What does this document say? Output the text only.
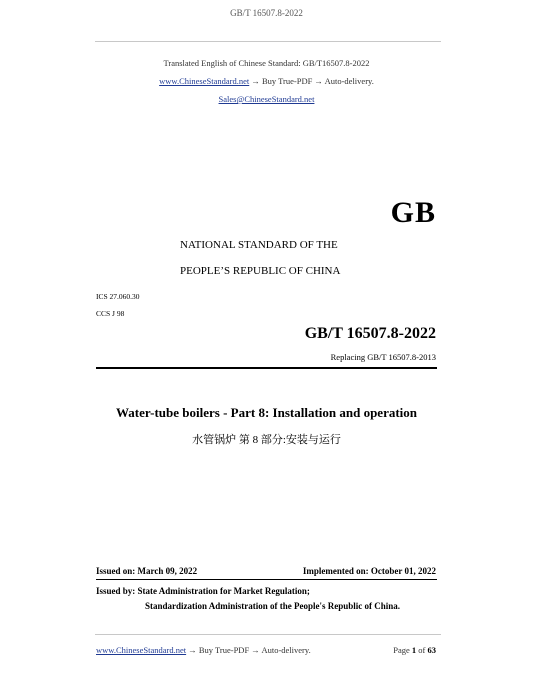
GB/T 16507.8-2022
Translated English of Chinese Standard: GB/T16507.8-2022
www.ChineseStandard.net → Buy True-PDF → Auto-delivery.
Sales@ChineseStandard.net
GB
NATIONAL STANDARD OF THE
PEOPLE’S REPUBLIC OF CHINA
ICS 27.060.30
CCS J 98
GB/T 16507.8-2022
Replacing GB/T 16507.8-2013
Water-tube boilers - Part 8: Installation and operation
水管锅炉 第 8 部分:安装与运行
Issued on: March 09, 2022	Implemented on: October 01, 2022
Issued by: State Administration for Market Regulation;
Standardization Administration of the People's Republic of China.
www.ChineseStandard.net → Buy True-PDF → Auto-delivery.	Page 1 of 63
